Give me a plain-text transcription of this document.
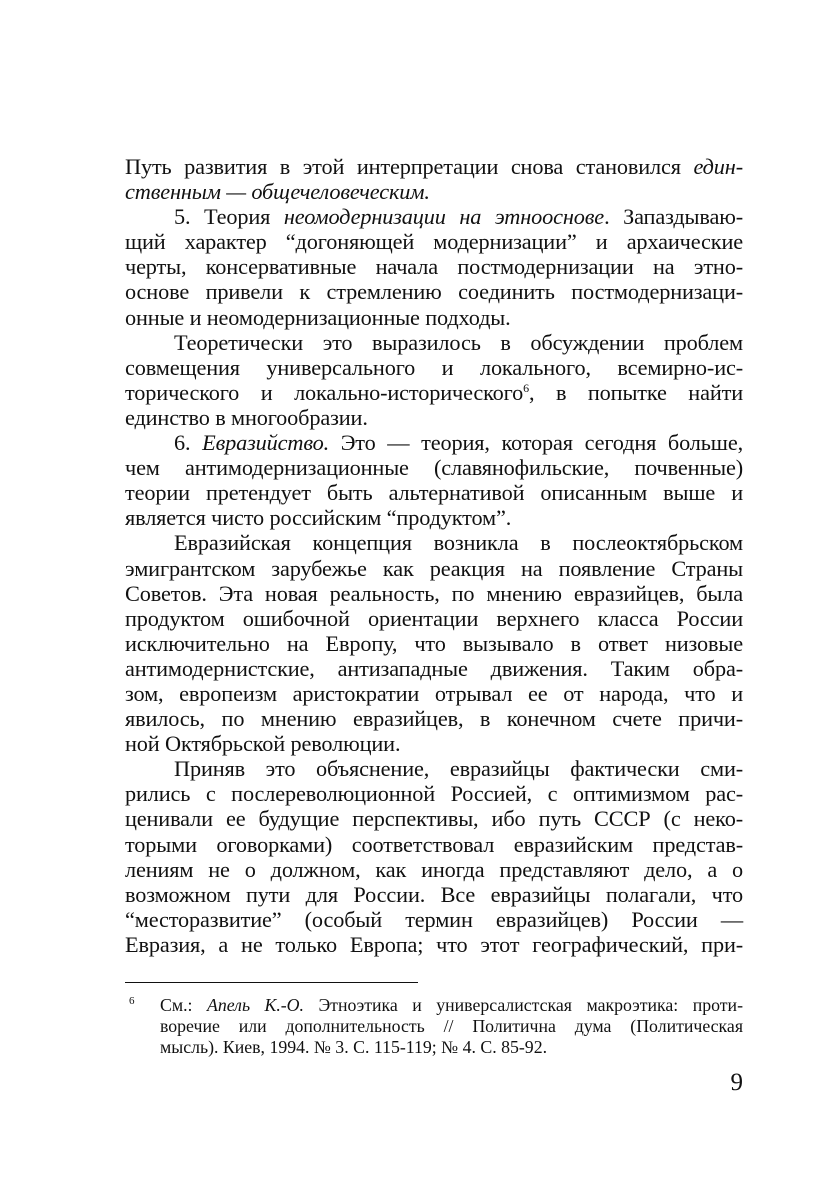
Путь развития в этой интерпретации снова становился един-
ственным — общечеловеческим.
5. Теория неомодернизации на этнооснове. Запаздываю-
щий характер “догоняющей модернизации” и архаические
черты, консервативные начала постмодернизации на этно-
основе привели к стремлению соединить постмодернизаци-
онные и неомодернизационные подходы.
Теоретически это выразилось в обсуждении проблем
совмещения универсального и локального, всемирно-ис-
торического и локально-исторического$^6$, в попытке найти
единство в многообразии.
6. Евразийство. Это — теория, которая сегодня больше,
чем антимодернизационные (славянофильские, почвенные)
теории претендует быть альтернативой описанным выше и
является чисто российским “продуктом”.
Евразийская концепция возникла в послеоктябрьском
эмигрантском зарубежье как реакция на появление Страны
Советов. Эта новая реальность, по мнению евразийцев, была
продуктом ошибочной ориентации верхнего класса России
исключительно на Европу, что вызывало в ответ низовые
антимодернистские, антизападные движения. Таким обра-
зом, европеизм аристократии отрывал ее от народа, что и
явилось, по мнению евразийцев, в конечном счете причи-
ной Октябрьской революции.
Приняв это объяснение, евразийцы фактически сми-
рились с послереволюционной Россией, с оптимизмом рас-
ценивали ее будущие перспективы, ибо путь СССР (с неко-
торыми оговорками) соответствовал евразийским представ-
лениям не о должном, как иногда представляют дело, а о
возможном пути для России. Все евразийцы полагали, что
“месторазвитие” (особый термин евразийцев) России —
Евразия, а не только Европа; что этот географический, при-
6 См.: Апель К.-О. Этноэтика и универсалистская макроэтика: проти-
воречие или дополнительность // Политична дума (Политическая
мысль). Киев, 1994. № 3. С. 115-119; № 4. С. 85-92.
9
